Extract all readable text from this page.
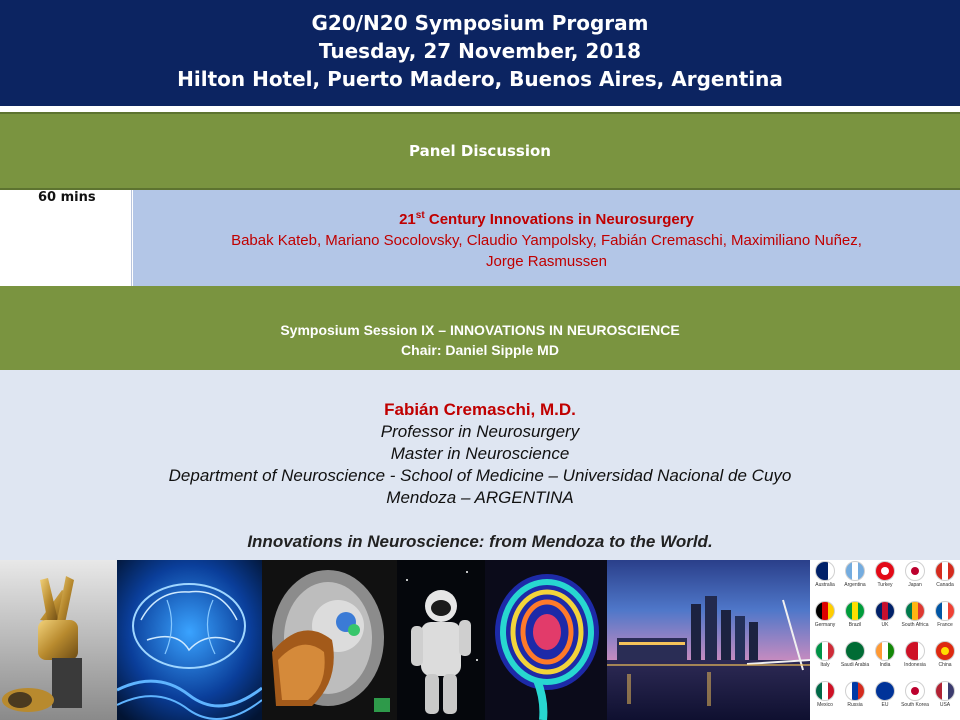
G20/N20 Symposium Program
Tuesday, 27 November, 2018
Hilton Hotel, Puerto Madero, Buenos Aires, Argentina
Panel Discussion
60 mins
21st Century Innovations in Neurosurgery
Babak Kateb, Mariano Socolovsky, Claudio Yampolsky, Fabián Cremaschi, Maximiliano Nuñez,
Jorge Rasmussen
Symposium Session IX – INNOVATIONS IN NEUROSCIENCE
Chair: Daniel Sipple MD
Fabián Cremaschi, M.D.
Professor in Neurosurgery
Master in Neuroscience
Department of Neuroscience - School of Medicine – Universidad Nacional de Cuyo
Mendoza – ARGENTINA
Innovations in Neuroscience: from Mendoza to the World.
Australia	Argentina	Turkey	Japan	Canada
Germany	Brazil	UK	South Africa	France
Italy	Saudi Arabia	India	Indonesia	China
Mexico	Russia	EU	South Korea	USA
